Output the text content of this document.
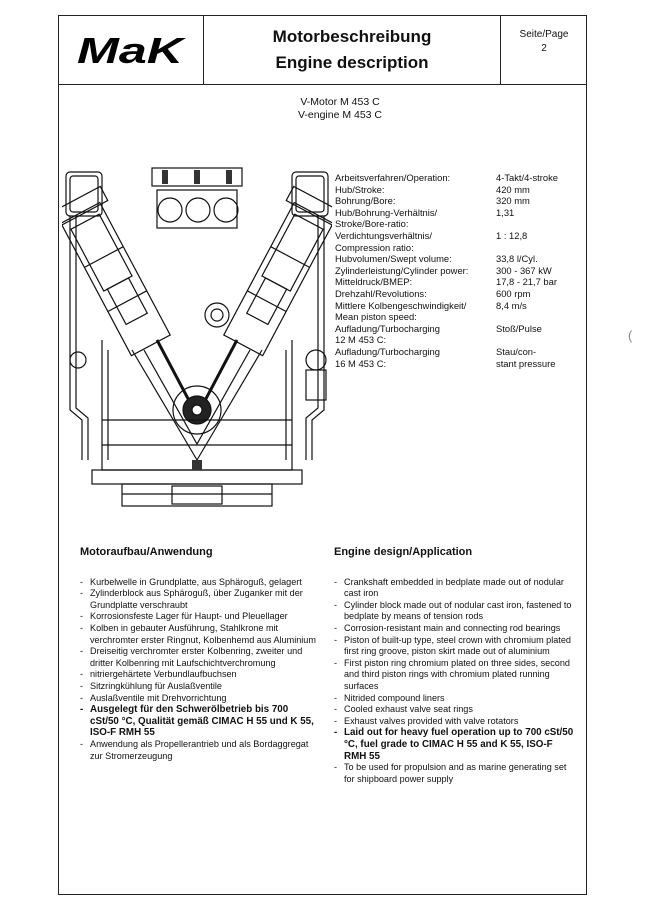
MaK	Motorbeschreibung
Engine description
Seite/Page
2
V-Motor M 453 C
V-engine M 453 C
Arbeitsverfahren/Operation:	4-Takt/4-stroke
Hub/Stroke:	420 mm
Bohrung/Bore:	320 mm
Hub/Bohrung-Verhältnis/	1,31
Stroke/Bore-ratio:
Verdichtungsverhältnis/	1 : 12,8
Compression ratio:
Hubvolumen/Swept volume:	33,8 l/Cyl.
Zylinderleistung/Cylinder power:	300 - 367 kW
Mitteldruck/BMEP:	17,8 - 21,7 bar
Drehzahl/Revolutions:	600 rpm
Mittlere Kolbengeschwindigkeit/	8,4 m/s
Mean piston speed:
Aufladung/Turbocharging	Stoß/Pulse
12 M 453 C:
Aufladung/Turbocharging	Stau/con-
16 M 453 C:	stant pressure
Motoraufbau/Anwendung
- Kurbelwelle in Grundplatte, aus Sphäroguß, gelagert
- Zylinderblock aus Sphäroguß, über Zuganker mit der Grundplatte verschraubt
- Korrosionsfeste Lager für Haupt- und Pleuellager
- Kolben in gebauter Ausführung, Stahlkrone mit verchromter erster Ringnut, Kolbenhemd aus Aluminium
- Dreiseitig verchromter erster Kolbenring, zweiter und dritter Kolbenring mit Laufschichtverchromung
- nitriergehärtete Verbundlaufbuchsen
- Sitzringkühlung für Auslaßventile
- Auslaßventile mit Drehvorrichtung
- Ausgelegt für den Schwerölbetrieb bis 700 cSt/50 °C, Qualität gemäß CIMAC H 55 und K 55, ISO-F RMH 55
- Anwendung als Propellerantrieb und als Bordaggregat zur Stromerzeugung
Engine design/Application
- Crankshaft embedded in bedplate made out of nodular cast iron
- Cylinder block made out of nodular cast iron, fastened to bedplate by means of tension rods
- Corrosion-resistant main and connecting rod bearings
- Piston of built-up type, steel crown with chromium plated first ring groove, piston skirt made out of aluminium
- First piston ring chromium plated on three sides, second and third piston rings with chromium plated running surfaces
- Nitrided compound liners
- Cooled exhaust valve seat rings
- Exhaust valves provided with valve rotators
- Laid out for heavy fuel operation up to 700 cSt/50 °C, fuel grade to CIMAC H 55 and K 55, ISO-F RMH 55
- To be used for propulsion and as marine generating set for shipboard power supply
(
